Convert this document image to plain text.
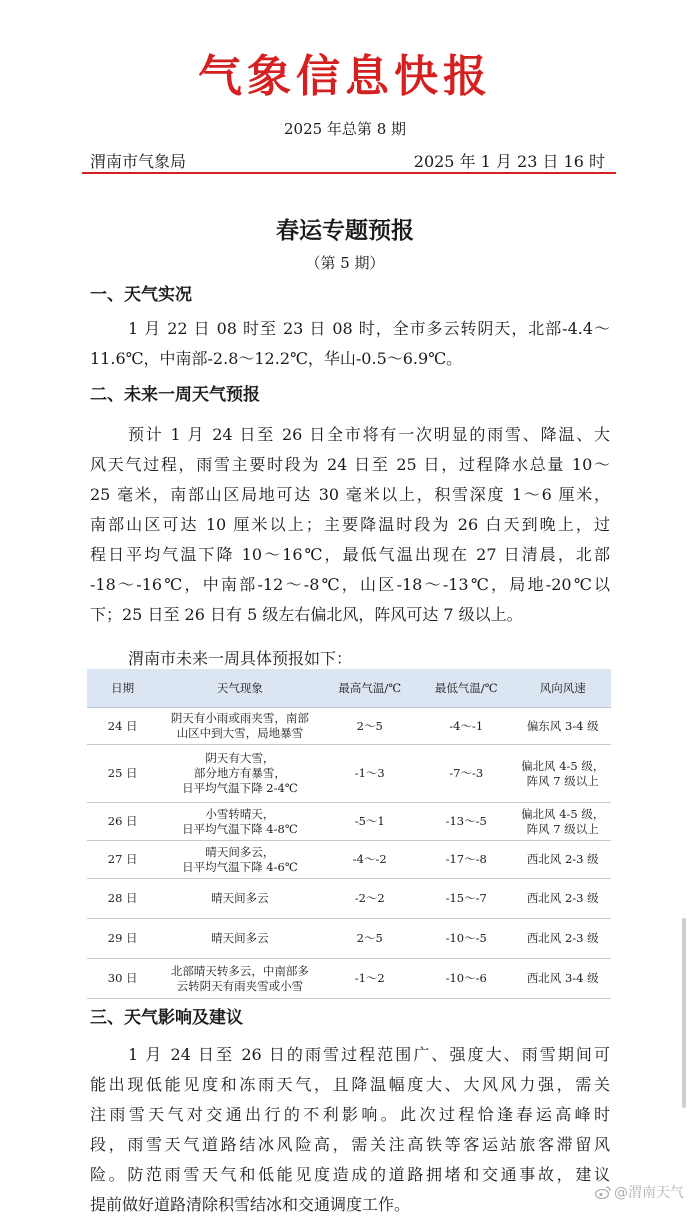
气象信息快报
2025 年总第 8 期
渭南市气象局	2025 年 1 月 23 日 16 时
春运专题预报
（第 5 期）
一、天气实况
1 月 22 日 08 时至 23 日 08 时，全市多云转阴天，北部-4.4～
11.6℃，中南部-2.8～12.2℃，华山-0.5～6.9℃。
二、未来一周天气预报
预计 1 月 24 日至 26 日全市将有一次明显的雨雪、降温、大
风天气过程，雨雪主要时段为 24 日至 25 日，过程降水总量 10～
25 毫米，南部山区局地可达 30 毫米以上，积雪深度 1～6 厘米，
南部山区可达 10 厘米以上；主要降温时段为 26 白天到晚上，过
程日平均气温下降 10～16℃，最低气温出现在 27 日清晨，北部
-18～-16℃，中南部-12～-8℃，山区-18～-13℃，局地-20℃以
下；25 日至 26 日有 5 级左右偏北风，阵风可达 7 级以上。
渭南市未来一周具体预报如下：
日期	天气现象	最高气温/℃	最低气温/℃	风向风速
24 日	阴天有小雨或雨夹雪，南部
山区中到大雪，局地暴雪	2～5	-4～-1	偏东风 3-4 级
25 日	阴天有大雪，
部分地方有暴雪，
日平均气温下降 2-4℃	-1～3	-7～-3	偏北风 4-5 级，
阵风 7 级以上
26 日	小雪转晴天，
日平均气温下降 4-8℃	-5～1	-13～-5	偏北风 4-5 级，
阵风 7 级以上
27 日	晴天间多云，
日平均气温下降 4-6℃	-4～-2	-17～-8	西北风 2-3 级
28 日	晴天间多云	-2～2	-15～-7	西北风 2-3 级
29 日	晴天间多云	2～5	-10～-5	西北风 2-3 级
30 日	北部晴天转多云，中南部多
云转阴天有雨夹雪或小雪	-1～2	-10～-6	西北风 3-4 级
三、天气影响及建议
1 月 24 日至 26 日的雨雪过程范围广、强度大、雨雪期间可
能出现低能见度和冻雨天气，且降温幅度大、大风风力强，需关
注雨雪天气对交通出行的不利影响。此次过程恰逢春运高峰时
段，雨雪天气道路结冰风险高，需关注高铁等客运站旅客滞留风
险。防范雨雪天气和低能见度造成的道路拥堵和交通事故，建议
提前做好道路清除积雪结冰和交通调度工作。
@渭南天气
